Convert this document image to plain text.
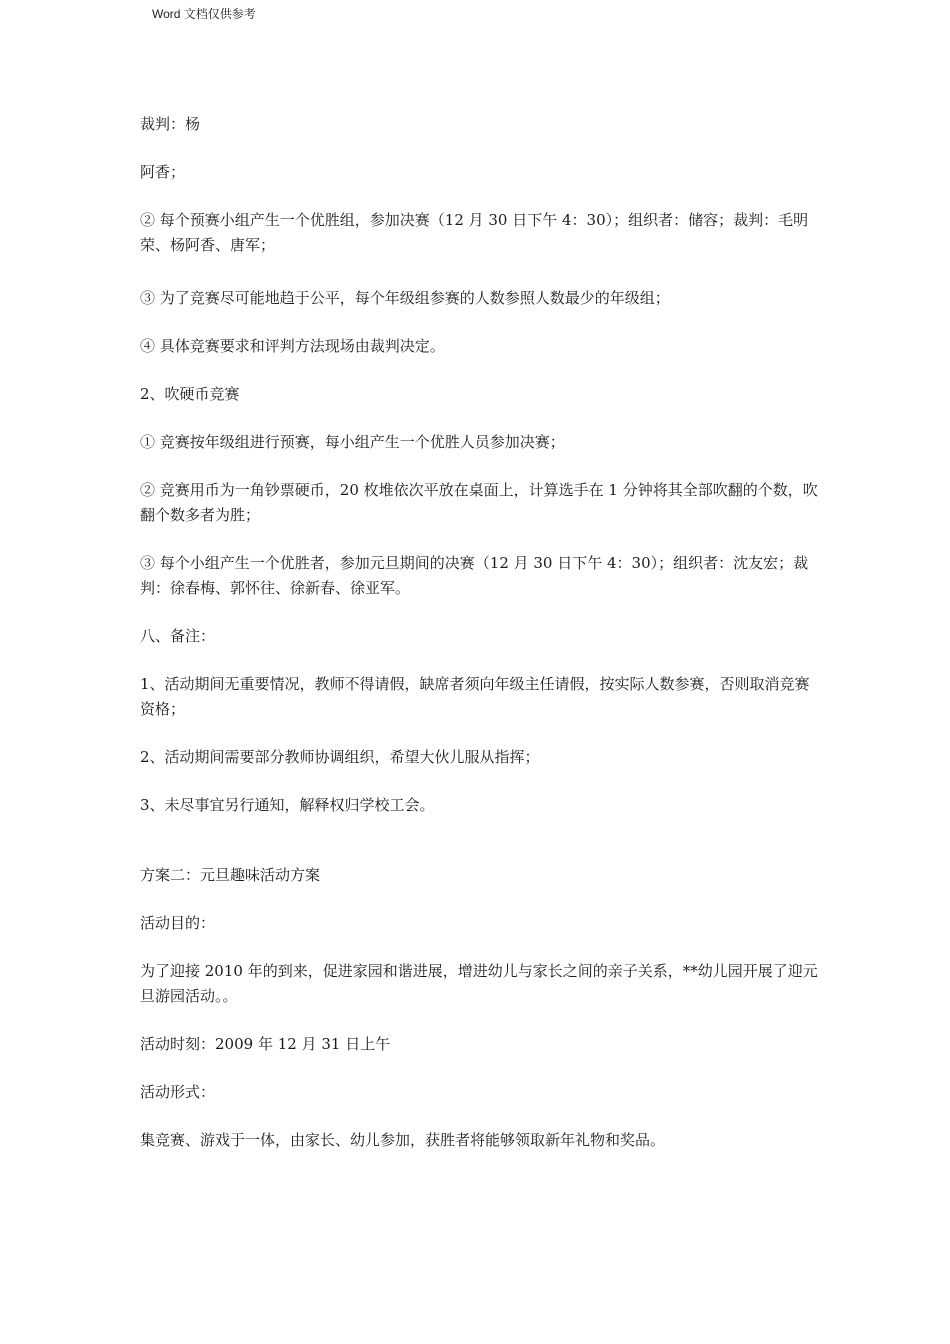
Word 文档仅供参考

裁判：杨

阿香；

② 每个预赛小组产生一个优胜组，参加决赛（12 月 30 日下午 4：30）；组织者：储容；裁判：毛明荣、杨阿香、唐军；

③ 为了竞赛尽可能地趋于公平，每个年级组参赛的人数参照人数最少的年级组；

④ 具体竞赛要求和评判方法现场由裁判决定。

2、吹硬币竞赛

① 竞赛按年级组进行预赛，每小组产生一个优胜人员参加决赛；

② 竞赛用币为一角钞票硬币，20 枚堆依次平放在桌面上，计算选手在 1 分钟将其全部吹翻的个数，吹翻个数多者为胜；

③ 每个小组产生一个优胜者，参加元旦期间的决赛（12 月 30 日下午 4：30）；组织者：沈友宏；裁判：徐春梅、郭怀往、徐新春、徐亚军。

八、备注：

1、活动期间无重要情况，教师不得请假，缺席者须向年级主任请假，按实际人数参赛，否则取消竞赛资格；

2、活动期间需要部分教师协调组织，希望大伙儿服从指挥；

3、未尽事宜另行通知，解释权归学校工会。

方案二：元旦趣味活动方案

活动目的：

为了迎接 2010 年的到来，促进家园和谐进展，增进幼儿与家长之间的亲子关系，**幼儿园开展了迎元旦游园活动。。

活动时刻：2009 年 12 月 31 日上午

活动形式：

集竞赛、游戏于一体，由家长、幼儿参加，获胜者将能够领取新年礼物和奖品。
